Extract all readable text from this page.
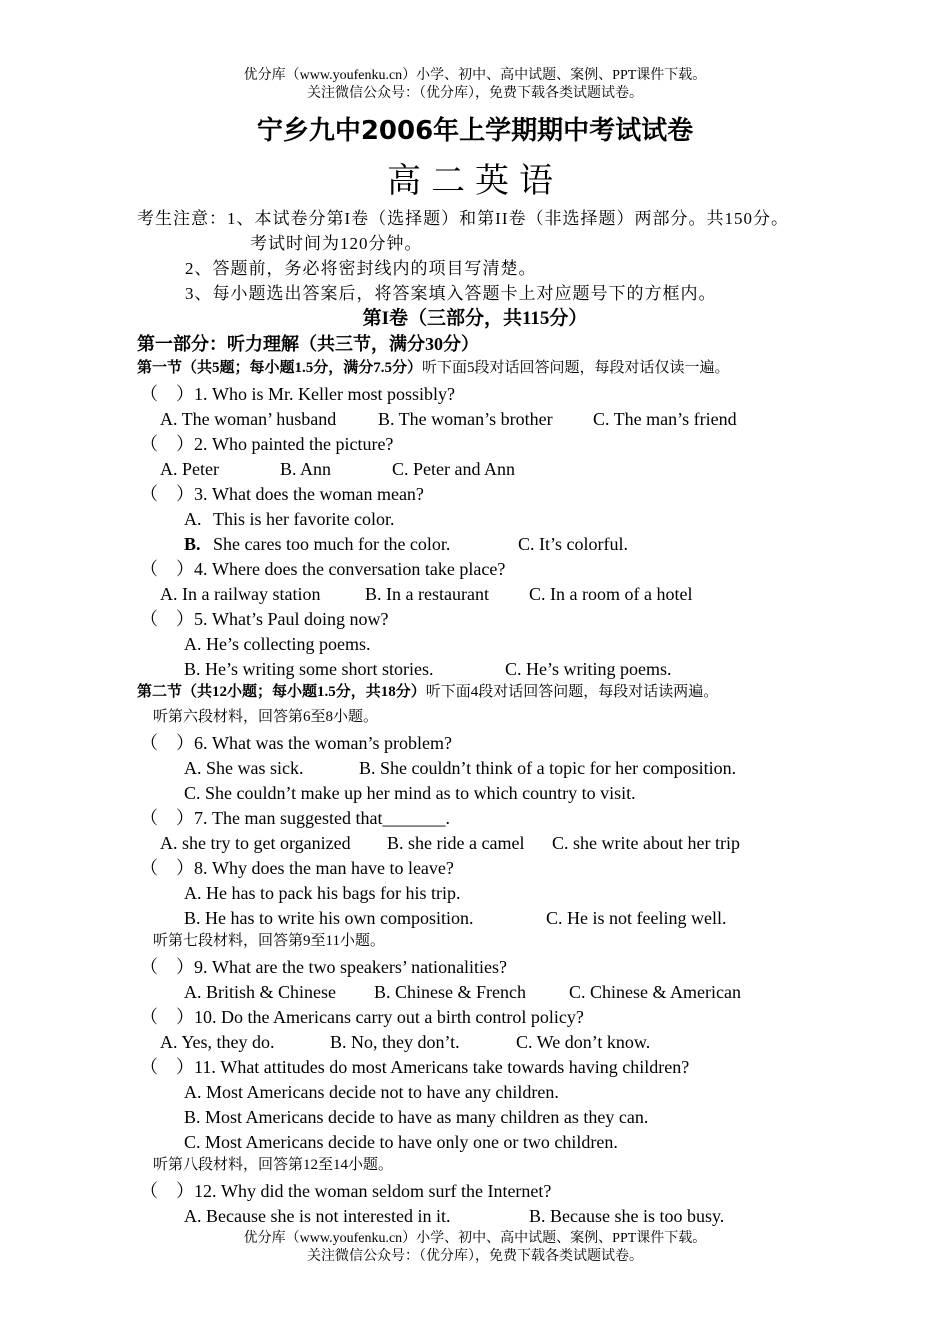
优分库（www.youfenku.cn）小学、初中、高中试题、案例、PPT课件下载。
关注微信公众号：（优分库），免费下载各类试题试卷。
宁乡九中2006年上学期期中考试试卷
高二英语
考生注意：1、本试卷分第I卷（选择题）和第II卷（非选择题）两部分。共150分。
考试时间为120分钟。
2、答题前，务必将密封线内的项目写清楚。
3、每小题选出答案后，将答案填入答题卡上对应题号下的方框内。
第I卷（三部分，共115分）
第一部分：听力理解（共三节，满分30分）
第一节（共5题；每小题1.5分，满分7.5分）听下面5段对话回答问题，每段对话仅读一遍。
（　）1. Who is Mr. Keller most possibly?
A. The woman’ husband B. The woman’s brother C. The man’s friend
（　）2. Who painted the picture?
A. Peter	B. Ann	C. Peter and Ann
（　）3. What does the woman mean?
A. This is her favorite color.
B. She cares too much for the color.	C. It’s colorful.
（　）4. Where does the conversation take place?
A. In a railway station B. In a restaurant C. In a room of a hotel
（　）5. What’s Paul doing now?
A. He’s collecting poems.
B. He’s writing some short stories.	C. He’s writing poems.
第二节（共12小题；每小题1.5分，共18分）听下面4段对话回答问题，每段对话读两遍。
听第六段材料，回答第6至8小题。
（　）6. What was the woman’s problem?
A. She was sick.	B. She couldn’t think of a topic for her composition.
C. She couldn’t make up her mind as to which country to visit.
（　）7. The man suggested that_______.
A. she try to get organized B. she ride a camel C. she write about her trip
（　）8. Why does the man have to leave?
A. He has to pack his bags for his trip.
B. He has to write his own composition.	C. He is not feeling well.
听第七段材料，回答第9至11小题。
（　）9. What are the two speakers’ nationalities?
A. British & Chinese B. Chinese & French C. Chinese & American
（　）10. Do the Americans carry out a birth control policy?
A. Yes, they do.	B. No, they don’t.	C. We don’t know.
（　）11. What attitudes do most Americans take towards having children?
A. Most Americans decide not to have any children.
B. Most Americans decide to have as many children as they can.
C. Most Americans decide to have only one or two children.
听第八段材料，回答第12至14小题。
（　）12. Why did the woman seldom surf the Internet?
A. Because she is not interested in it.	B. Because she is too busy.
优分库（www.youfenku.cn）小学、初中、高中试题、案例、PPT课件下载。
关注微信公众号：（优分库），免费下载各类试题试卷。
